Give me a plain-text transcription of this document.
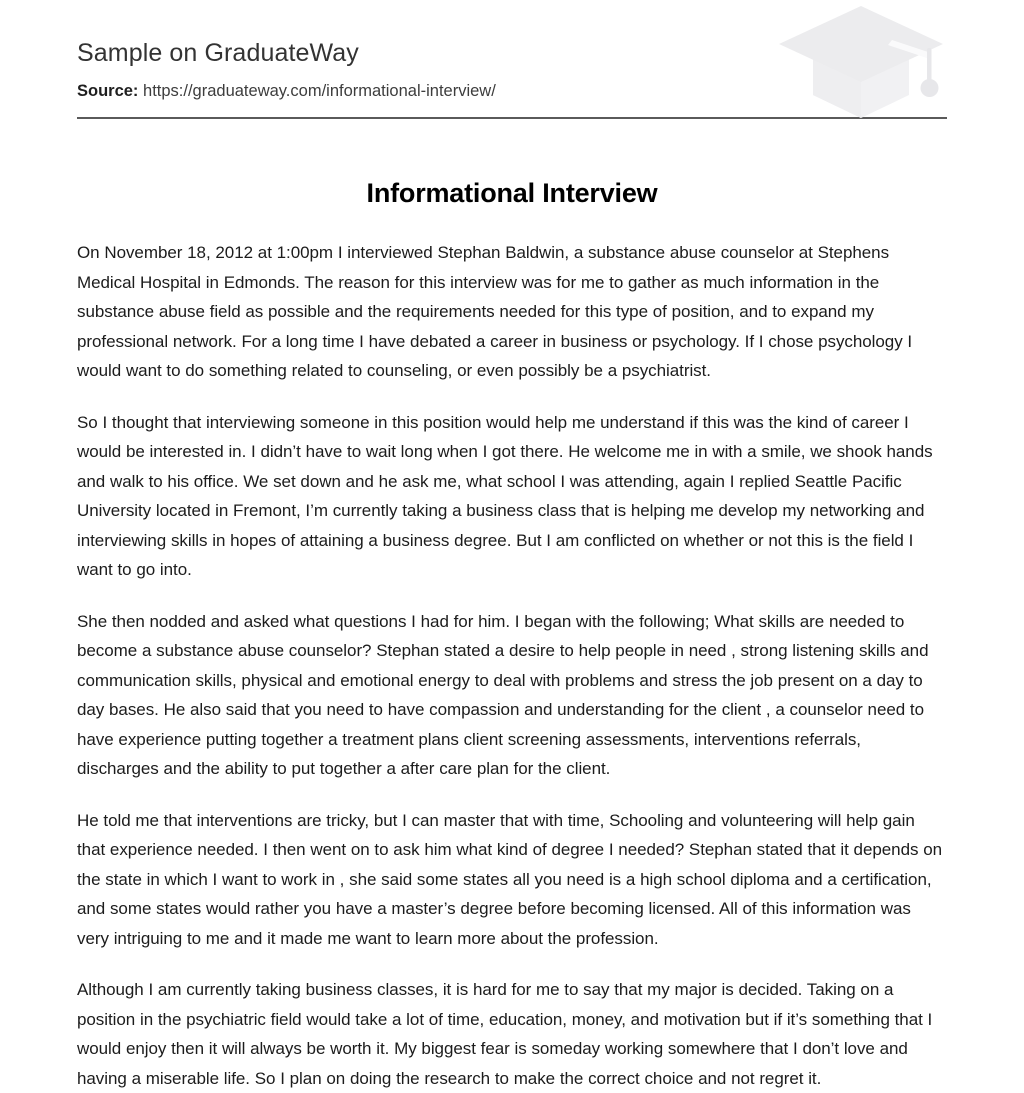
Sample on GraduateWay
Source: https://graduateway.com/informational-interview/
Informational Interview

On November 18, 2012 at 1:00pm I interviewed Stephan Baldwin, a substance abuse counselor at Stephens Medical Hospital in Edmonds. The reason for this interview was for me to gather as much information in the substance abuse field as possible and the requirements needed for this type of position, and to expand my professional network. For a long time I have debated a career in business or psychology. If I chose psychology I would want to do something related to counseling, or even possibly be a psychiatrist.

So I thought that interviewing someone in this position would help me understand if this was the kind of career I would be interested in. I didn’t have to wait long when I got there. He welcome me in with a smile, we shook hands and walk to his office. We set down and he ask me, what school I was attending, again I replied Seattle Pacific University located in Fremont, I’m currently taking a business class that is helping me develop my networking and interviewing skills in hopes of attaining a business degree. But I am conflicted on whether or not this is the field I want to go into.

She then nodded and asked what questions I had for him. I began with the following; What skills are needed to become a substance abuse counselor? Stephan stated a desire to help people in need , strong listening skills and communication skills, physical and emotional energy to deal with problems and stress the job present on a day to day bases. He also said that you need to have compassion and understanding for the client , a counselor need to have experience putting together a treatment plans client screening assessments, interventions referrals, discharges and the ability to put together a after care plan for the client.

He told me that interventions are tricky, but I can master that with time, Schooling and volunteering will help gain that experience needed. I then went on to ask him what kind of degree I needed? Stephan stated that it depends on the state in which I want to work in , she said some states all you need is a high school diploma and a certification, and some states would rather you have a master’s degree before becoming licensed. All of this information was very intriguing to me and it made me want to learn more about the profession.

Although I am currently taking business classes, it is hard for me to say that my major is decided. Taking on a position in the psychiatric field would take a lot of time, education, money, and motivation but if it’s something that I would enjoy then it will always be worth it. My biggest fear is someday working somewhere that I don’t love and having a miserable life. So I plan on doing the research to make the correct choice and not regret it.
